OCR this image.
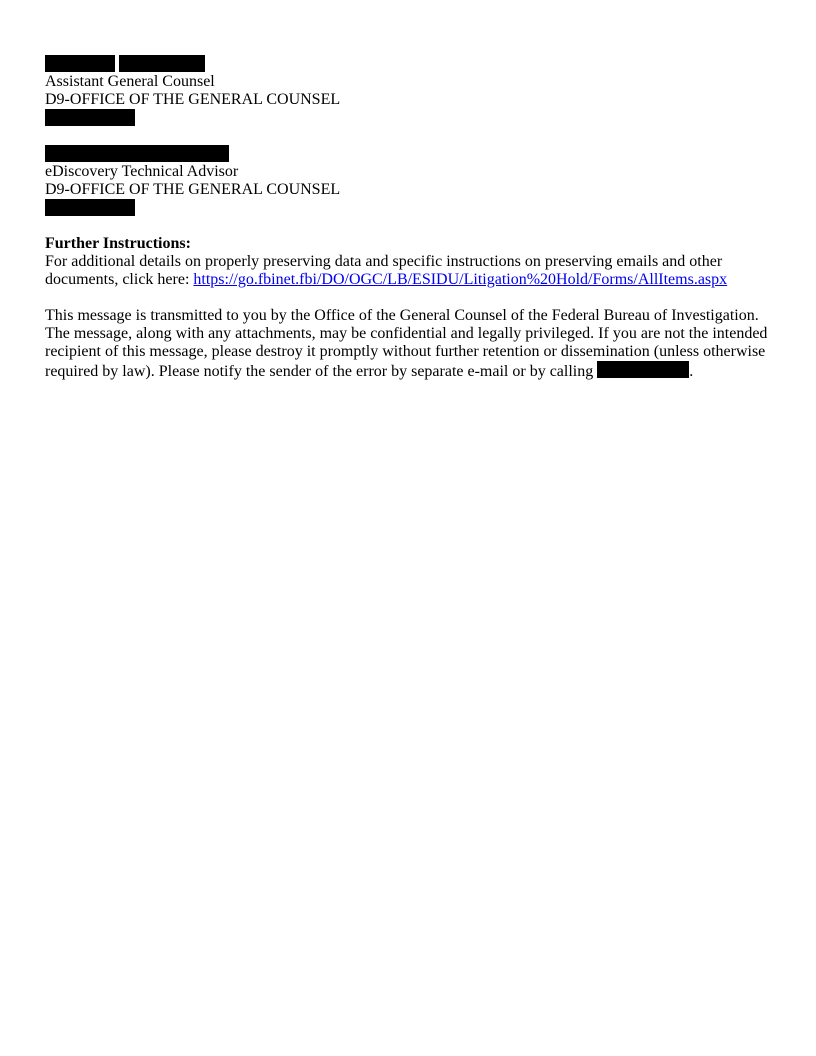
Assistant General Counsel
D9-OFFICE OF THE GENERAL COUNSEL
eDiscovery Technical Advisor
D9-OFFICE OF THE GENERAL COUNSEL
Further Instructions:
For additional details on properly preserving data and specific instructions on preserving emails and other documents, click here: https://go.fbinet.fbi/DO/OGC/LB/ESIDU/Litigation%20Hold/Forms/AllItems.aspx
This message is transmitted to you by the Office of the General Counsel of the Federal Bureau of Investigation. The message, along with any attachments, may be confidential and legally privileged. If you are not the intended recipient of this message, please destroy it promptly without further retention or dissemination (unless otherwise required by law). Please notify the sender of the error by separate e-mail or by calling	.
